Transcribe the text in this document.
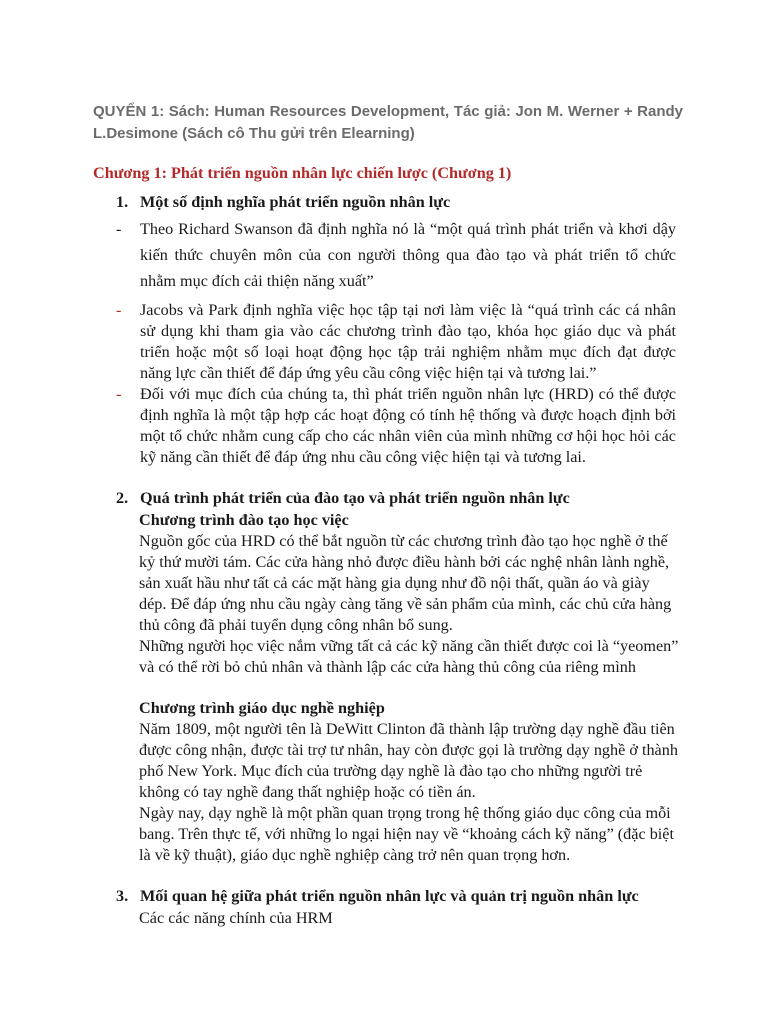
QUYỂN 1: Sách: Human Resources Development, Tác giả: Jon M. Werner + Randy L.Desimone (Sách cô Thu gửi trên Elearning)
Chương 1: Phát triển nguồn nhân lực chiến lược (Chương 1)
1. Một số định nghĩa phát triển nguồn nhân lực
- Theo Richard Swanson đã định nghĩa nó là “một quá trình phát triển và khơi dậy kiến thức chuyên môn của con người thông qua đào tạo và phát triển tổ chức nhằm mục đích cải thiện năng xuất”

- Jacobs và Park định nghĩa việc học tập tại nơi làm việc là “quá trình các cá nhân sử dụng khi tham gia vào các chương trình đào tạo, khóa học giáo dục và phát triển hoặc một số loại hoạt động học tập trải nghiệm nhằm mục đích đạt được năng lực cần thiết để đáp ứng yêu cầu công việc hiện tại và tương lai.”

- Đối với mục đích của chúng ta, thì phát triển nguồn nhân lực (HRD) có thể được định nghĩa là một tập hợp các hoạt động có tính hệ thống và được hoạch định bởi một tổ chức nhằm cung cấp cho các nhân viên của mình những cơ hội học hỏi các kỹ năng cần thiết để đáp ứng nhu cầu công việc hiện tại và tương lai.

2. Quá trình phát triển của đào tạo và phát triển nguồn nhân lực
Chương trình đào tạo học việc

Nguồn gốc của HRD có thể bắt nguồn từ các chương trình đào tạo học nghề ở thế kỷ thứ mười tám. Các cửa hàng nhỏ được điều hành bởi các nghệ nhân lành nghề, sản xuất hầu như tất cả các mặt hàng gia dụng như đồ nội thất, quần áo và giày dép. Để đáp ứng nhu cầu ngày càng tăng về sản phẩm của mình, các chủ cửa hàng thủ công đã phải tuyển dụng công nhân bổ sung.

Những người học việc nắm vững tất cả các kỹ năng cần thiết được coi là “yeomen” và có thể rời bỏ chủ nhân và thành lập các cửa hàng thủ công của riêng mình

Chương trình giáo dục nghề nghiệp

Năm 1809, một người tên là DeWitt Clinton đã thành lập trường dạy nghề đầu tiên được công nhận, được tài trợ tư nhân, hay còn được gọi là trường dạy nghề ở thành phố New York. Mục đích của trường dạy nghề là đào tạo cho những người trẻ không có tay nghề đang thất nghiệp hoặc có tiền án.

Ngày nay, dạy nghề là một phần quan trọng trong hệ thống giáo dục công của mỗi bang. Trên thực tế, với những lo ngại hiện nay về “khoảng cách kỹ năng” (đặc biệt là về kỹ thuật), giáo dục nghề nghiệp càng trở nên quan trọng hơn.

3. Mối quan hệ giữa phát triển nguồn nhân lực và quản trị nguồn nhân lực

Các các năng chính của HRM
